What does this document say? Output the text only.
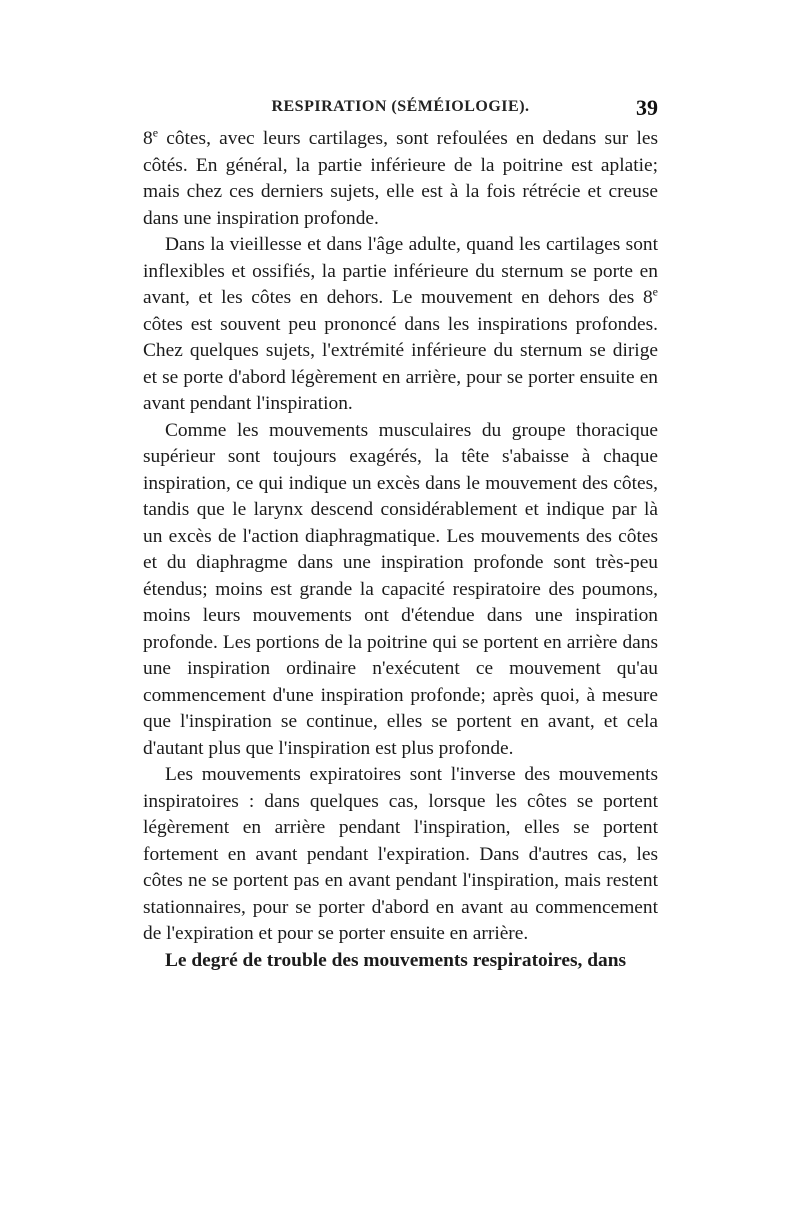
RESPIRATION (SÉMÉIOLOGIE).	39

8e côtes, avec leurs cartilages, sont refoulées en dedans sur les côtés. En général, la partie inférieure de la poitrine est aplatie; mais chez ces derniers sujets, elle est à la fois rétrécie et creuse dans une inspiration profonde.

Dans la vieillesse et dans l'âge adulte, quand les cartilages sont inflexibles et ossifiés, la partie inférieure du sternum se porte en avant, et les côtes en dehors. Le mouvement en dehors des 8e côtes est souvent peu prononcé dans les inspirations profondes. Chez quelques sujets, l'extrémité inférieure du sternum se dirige et se porte d'abord légèrement en arrière, pour se porter ensuite en avant pendant l'inspiration.

Comme les mouvements musculaires du groupe thoracique supérieur sont toujours exagérés, la tête s'abaisse à chaque inspiration, ce qui indique un excès dans le mouvement des côtes, tandis que le larynx descend considérablement et indique par là un excès de l'action diaphragmatique. Les mouvements des côtes et du diaphragme dans une inspiration profonde sont très-peu étendus; moins est grande la capacité respiratoire des poumons, moins leurs mouvements ont d'étendue dans une inspiration profonde. Les portions de la poitrine qui se portent en arrière dans une inspiration ordinaire n'exécutent ce mouvement qu'au commencement d'une inspiration profonde; après quoi, à mesure que l'inspiration se continue, elles se portent en avant, et cela d'autant plus que l'inspiration est plus profonde.

Les mouvements expiratoires sont l'inverse des mouvements inspiratoires : dans quelques cas, lorsque les côtes se portent légèrement en arrière pendant l'inspiration, elles se portent fortement en avant pendant l'expiration. Dans d'autres cas, les côtes ne se portent pas en avant pendant l'inspiration, mais restent stationnaires, pour se porter d'abord en avant au commencement de l'expiration et pour se porter ensuite en arrière.

Le degré de trouble des mouvements respiratoires, dans
